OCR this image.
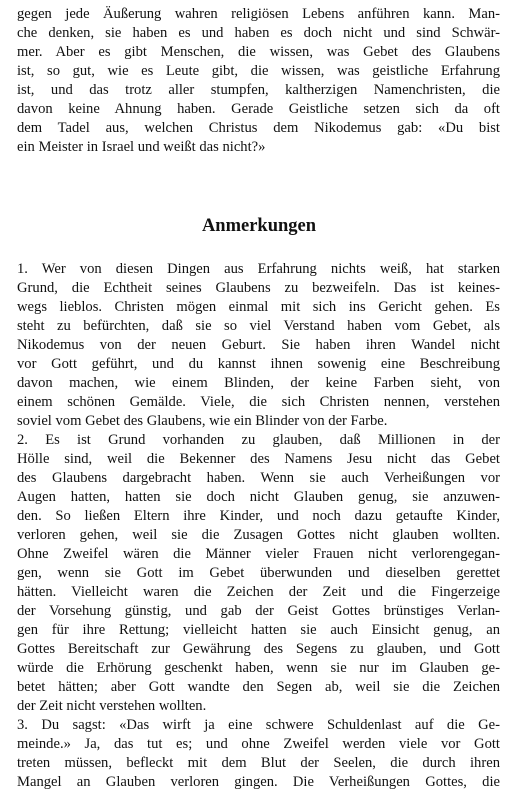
gegen jede Äußerung wahren religiösen Lebens anführen kann. Man-
che denken, sie haben es und haben es doch nicht und sind Schwär-
mer. Aber es gibt Menschen, die wissen, was Gebet des Glaubens
ist, so gut, wie es Leute gibt, die wissen, was geistliche Erfahrung
ist, und das trotz aller stumpfen, kaltherzigen Namenchristen, die
davon keine Ahnung haben. Gerade Geistliche setzen sich da oft
dem Tadel aus, welchen Christus dem Nikodemus gab: «Du bist
ein Meister in Israel und weißt das nicht?»
Anmerkungen
1. Wer von diesen Dingen aus Erfahrung nichts weiß, hat starken
Grund, die Echtheit seines Glaubens zu bezweifeln. Das ist keines-
wegs lieblos. Christen mögen einmal mit sich ins Gericht gehen. Es
steht zu befürchten, daß sie so viel Verstand haben vom Gebet, als
Nikodemus von der neuen Geburt. Sie haben ihren Wandel nicht
vor Gott geführt, und du kannst ihnen sowenig eine Beschreibung
davon machen, wie einem Blinden, der keine Farben sieht, von
einem schönen Gemälde. Viele, die sich Christen nennen, verstehen
soviel vom Gebet des Glaubens, wie ein Blinder von der Farbe.
2. Es ist Grund vorhanden zu glauben, daß Millionen in der
Hölle sind, weil die Bekenner des Namens Jesu nicht das Gebet
des Glaubens dargebracht haben. Wenn sie auch Verheißungen vor
Augen hatten, hatten sie doch nicht Glauben genug, sie anzuwen-
den. So ließen Eltern ihre Kinder, und noch dazu getaufte Kinder,
verloren gehen, weil sie die Zusagen Gottes nicht glauben wollten.
Ohne Zweifel wären die Männer vieler Frauen nicht verlorengegan-
gen, wenn sie Gott im Gebet überwunden und dieselben gerettet
hätten. Vielleicht waren die Zeichen der Zeit und die Fingerzeige
der Vorsehung günstig, und gab der Geist Gottes brünstiges Verlan-
gen für ihre Rettung; vielleicht hatten sie auch Einsicht genug, an
Gottes Bereitschaft zur Gewährung des Segens zu glauben, und Gott
würde die Erhörung geschenkt haben, wenn sie nur im Glauben ge-
betet hätten; aber Gott wandte den Segen ab, weil sie die Zeichen
der Zeit nicht verstehen wollten.
3. Du sagst: «Das wirft ja eine schwere Schuldenlast auf die Ge-
meinde.» Ja, das tut es; und ohne Zweifel werden viele vor Gott
treten müssen, befleckt mit dem Blut der Seelen, die durch ihren
Mangel an Glauben verloren gingen. Die Verheißungen Gottes, die
